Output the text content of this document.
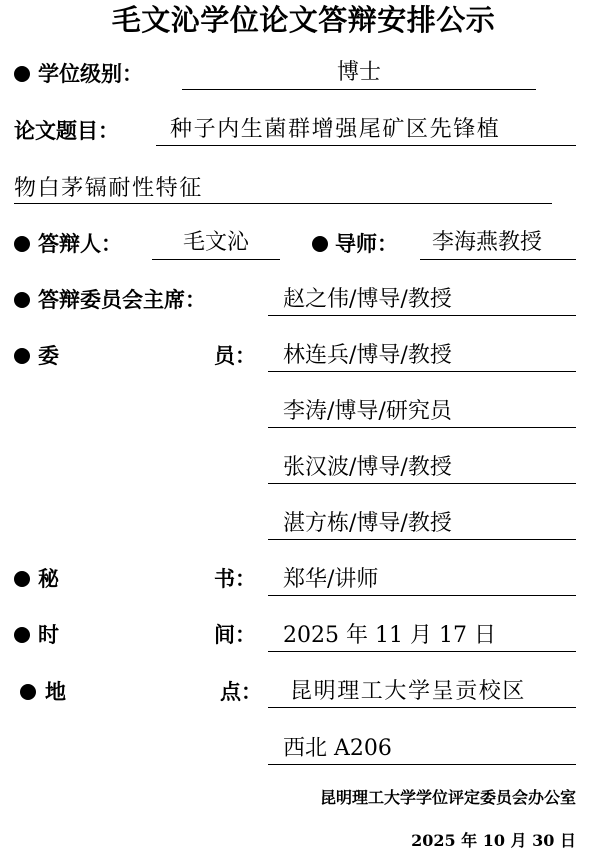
毛文沁学位论文答辩安排公示
学位级别：	博士
论文题目： 种子内生菌群增强尾矿区先锋植
物白茅镉耐性特征
答辩人：	毛文沁	导师： 李海燕教授
答辩委员会主席：	赵之伟/博导/教授
委	员： 林连兵/博导/教授
李涛/博导/研究员
张汉波/博导/教授
湛方栋/博导/教授
秘	书： 郑华/讲师
时	间： 2025 年 11 月 17 日
地	点： 昆明理工大学呈贡校区
西北 A206
昆明理工大学学位评定委员会办公室
2025 年 10 月 30 日
